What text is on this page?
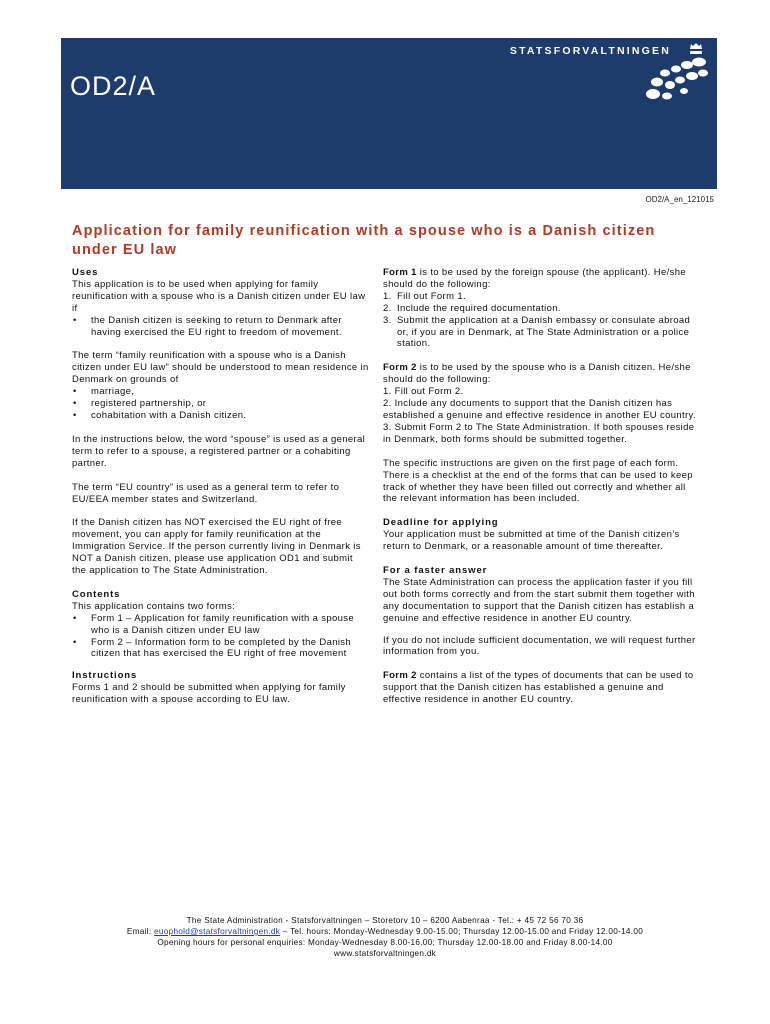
OD2/A
STATSFORVALTNINGEN
OD2/A_en_121015
Application for family reunification with a spouse who is a Danish citizen under EU law
Uses

This application is to be used when applying for family reunification with a spouse who is a Danish citizen under EU law if

• the Danish citizen is seeking to return to Denmark after having exercised the EU right to freedom of movement.

The term “family reunification with a spouse who is a Danish citizen under EU law” should be understood to mean residence in Denmark on grounds of

• marriage,
• registered partnership, or
• cohabitation with a Danish citizen.

In the instructions below, the word “spouse” is used as a general term to refer to a spouse, a registered partner or a cohabiting partner.

The term “EU country” is used as a general term to refer to EU/EEA member states and Switzerland.

If the Danish citizen has NOT exercised the EU right of free movement, you can apply for family reunification at the Immigration Service. If the person currently living in Denmark is NOT a Danish citizen, please use application OD1 and submit the application to The State Administration.

Contents

This application contains two forms:

• Form 1 – Application for family reunification with a spouse who is a Danish citizen under EU law
• Form 2 – Information form to be completed by the Danish citizen that has exercised the EU right of free movement
Instructions

Forms 1 and 2 should be submitted when applying for family reunification with a spouse according to EU law.

Form 1 is to be used by the foreign spouse (the applicant). He/she should do the following:

1. Fill out Form 1.
2. Include the required documentation.
3. Submit the application at a Danish embassy or consulate abroad or, if you are in Denmark, at The State Administration or a police station.

Form 2 is to be used by the spouse who is a Danish citizen. He/she should do the following:

1. Fill out Form 2.

2. Include any documents to support that the Danish citizen has established a genuine and effective residence in another EU country.

3. Submit Form 2 to The State Administration. If both spouses reside in Denmark, both forms should be submitted together.

The specific instructions are given on the first page of each form. There is a checklist at the end of the forms that can be used to keep track of whether they have been filled out correctly and whether all the relevant information has been included.

Deadline for applying

Your application must be submitted at time of the Danish citizen’s return to Denmark, or a reasonable amount of time thereafter.

For a faster answer

The State Administration can process the application faster if you fill out both forms correctly and from the start submit them together with any documentation to support that the Danish citizen has establish a genuine and effective residence in another EU country.

If you do not include sufficient documentation, we will request further information from you.

Form 2 contains a list of the types of documents that can be used to support that the Danish citizen has established a genuine and effective residence in another EU country.

The State Administration - Statsforvaltningen – Storetorv 10 – 6200 Aabenraa - Tel.: + 45 72 56 70 36

Email: euophold@statsforvaltningen.dk – Tel. hours: Monday-Wednesday 9.00-15.00; Thursday 12.00-15.00 and Friday 12.00-14.00

Opening hours for personal enquiries: Monday-Wednesday 8.00-16.00; Thursday 12.00-18.00 and Friday 8.00-14.00

www.statsforvaltningen.dk
